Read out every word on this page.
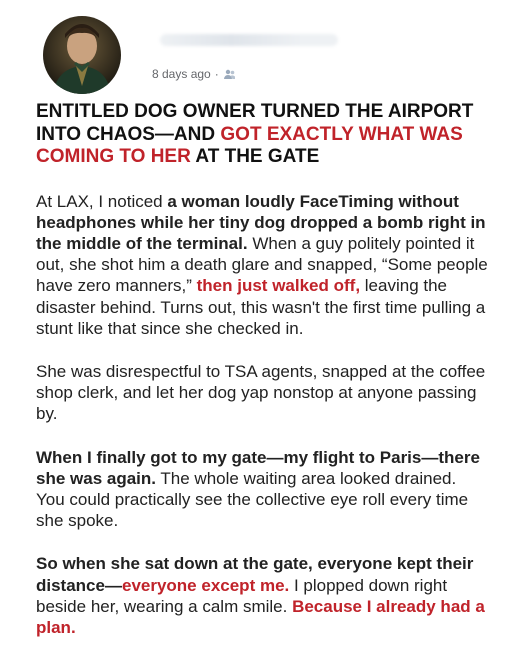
8 days ago ·

ENTITLED DOG OWNER TURNED THE AIRPORT INTO CHAOS—AND GOT EXACTLY WHAT WAS COMING TO HER AT THE GATE

At LAX, I noticed a woman loudly FaceTiming without headphones while her tiny dog dropped a bomb right in the middle of the terminal. When a guy politely pointed it out, she shot him a death glare and snapped, “Some people have zero manners,” then just walked off, leaving the disaster behind. Turns out, this wasn't the first time pulling a stunt like that since she checked in.

She was disrespectful to TSA agents, snapped at the coffee shop clerk, and let her dog yap nonstop at anyone passing by.

When I finally got to my gate—my flight to Paris—there she was again. The whole waiting area looked drained. You could practically see the collective eye roll every time she spoke.

So when she sat down at the gate, everyone kept their distance—everyone except me. I plopped down right beside her, wearing a calm smile. Because I already had a plan.
